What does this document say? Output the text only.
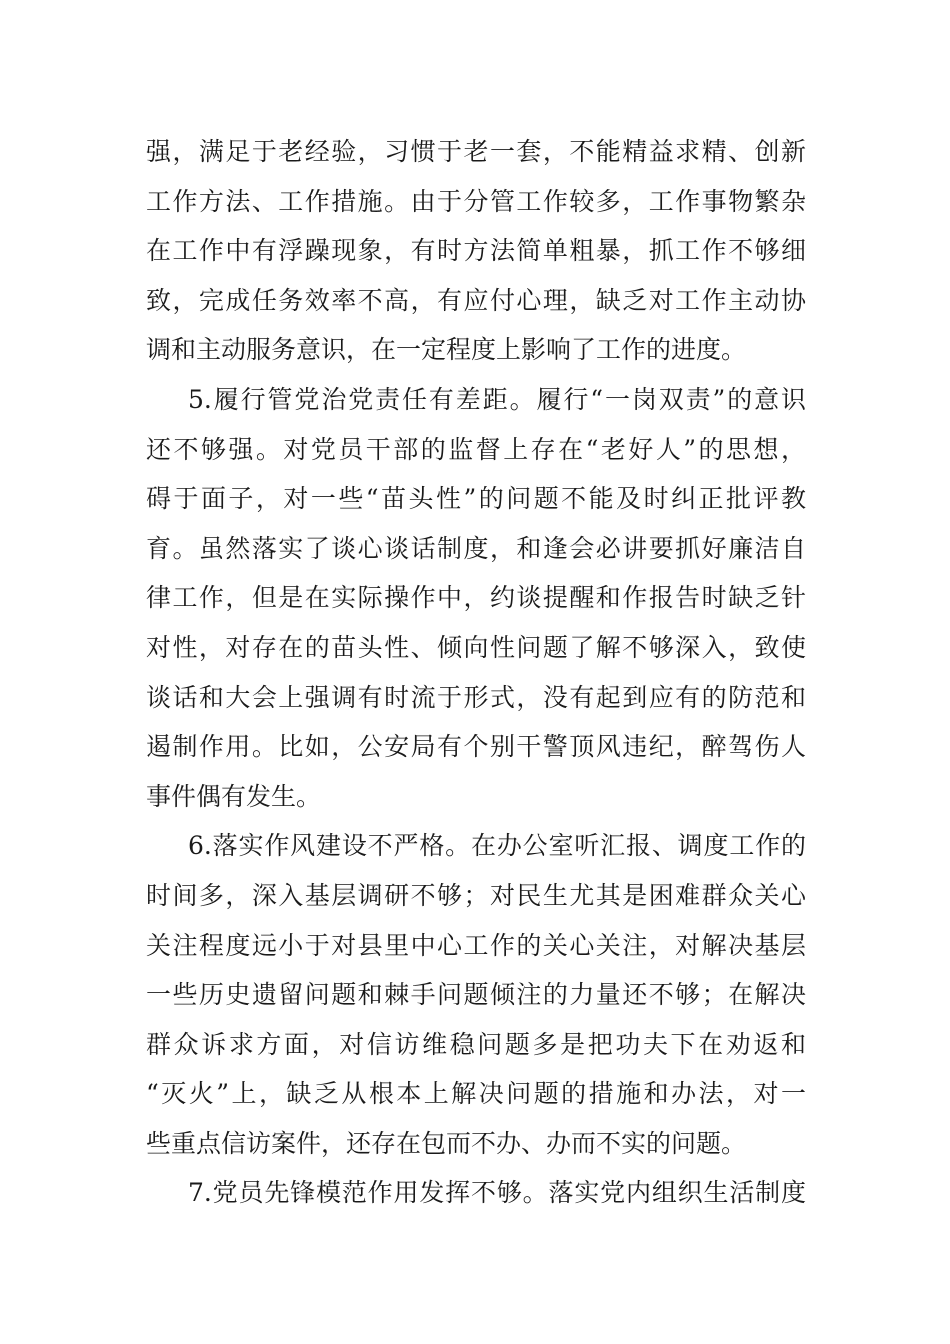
强，满足于老经验，习惯于老一套，不能精益求精、创新
工作方法、工作措施。由于分管工作较多，工作事物繁杂
在工作中有浮躁现象，有时方法简单粗暴，抓工作不够细
致，完成任务效率不高，有应付心理，缺乏对工作主动协
调和主动服务意识，在一定程度上影响了工作的进度。
5.履行管党治党责任有差距。履行“一岗双责”的意识
还不够强。对党员干部的监督上存在“老好人”的思想，
碍于面子，对一些“苗头性”的问题不能及时纠正批评教
育。虽然落实了谈心谈话制度，和逢会必讲要抓好廉洁自
律工作，但是在实际操作中，约谈提醒和作报告时缺乏针
对性，对存在的苗头性、倾向性问题了解不够深入，致使
谈话和大会上强调有时流于形式，没有起到应有的防范和
遏制作用。比如，公安局有个别干警顶风违纪，醉驾伤人
事件偶有发生。
6.落实作风建设不严格。在办公室听汇报、调度工作的
时间多，深入基层调研不够；对民生尤其是困难群众关心
关注程度远小于对县里中心工作的关心关注，对解决基层
一些历史遗留问题和棘手问题倾注的力量还不够；在解决
群众诉求方面，对信访维稳问题多是把功夫下在劝返和
“灭火”上，缺乏从根本上解决问题的措施和办法，对一
些重点信访案件，还存在包而不办、办而不实的问题。
7.党员先锋模范作用发挥不够。落实党内组织生活制度
